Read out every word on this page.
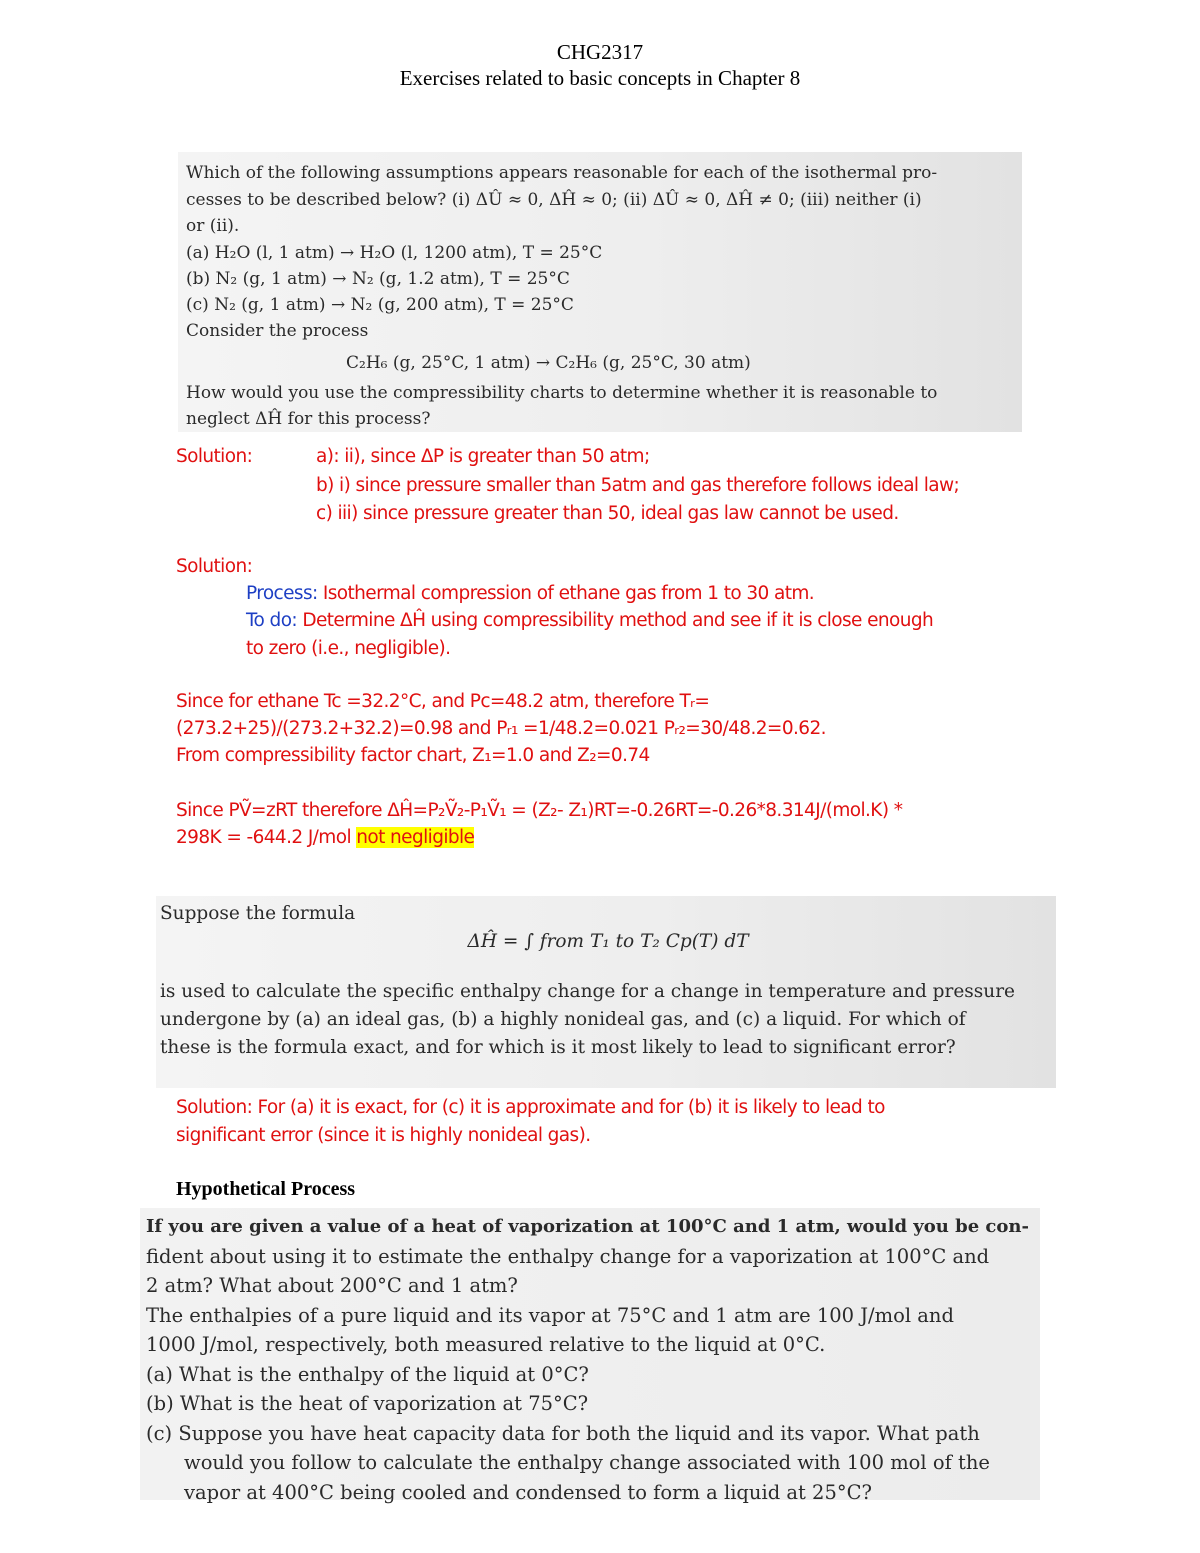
CHG2317
Exercises related to basic concepts in Chapter 8

Which of the following assumptions appears reasonable for each of the isothermal pro-

cesses to be described below? (i) ΔÛ ≈ 0, ΔĤ ≈ 0; (ii) ΔÛ ≈ 0, ΔĤ ≠ 0; (iii) neither (i)

or (ii).

(a) H₂O (l, 1 atm) → H₂O (l, 1200 atm), T = 25°C

(b) N₂ (g, 1 atm) → N₂ (g, 1.2 atm), T = 25°C

(c) N₂ (g, 1 atm) → N₂ (g, 200 atm), T = 25°C

Consider the process

C₂H₆ (g, 25°C, 1 atm) → C₂H₆ (g, 25°C, 30 atm)

How would you use the compressibility charts to determine whether it is reasonable to

neglect ΔĤ for this process?

Solution:	a): ii), since ΔP is greater than 50 atm;
b) i) since pressure smaller than 5atm and gas therefore follows ideal law;
c) iii) since pressure greater than 50, ideal gas law cannot be used.
Solution:
Process: Isothermal compression of ethane gas from 1 to 30 atm.
To do: Determine ΔĤ using compressibility method and see if it is close enough
to zero (i.e., negligible).
Since for ethane Tc =32.2°C, and Pc=48.2 atm, therefore Tᵣ=
(273.2+25)/(273.2+32.2)=0.98 and Pᵣ₁ =1/48.2=0.021 Pᵣ₂=30/48.2=0.62.
From compressibility factor chart, Z₁=1.0 and Z₂=0.74
Since PṼ=zRT therefore ΔĤ=P₂Ṽ₂-P₁Ṽ₁ = (Z₂- Z₁)RT=-0.26RT=-0.26*8.314J/(mol.K) *
298K = -644.2 J/mol not negligible

Suppose the formula

ΔĤ = ∫ from T₁ to T₂ Cp(T) dT

is used to calculate the specific enthalpy change for a change in temperature and pressure

undergone by (a) an ideal gas, (b) a highly nonideal gas, and (c) a liquid. For which of

these is the formula exact, and for which is it most likely to lead to significant error?

Solution: For (a) it is exact, for (c) it is approximate and for (b) it is likely to lead to
significant error (since it is highly nonideal gas).
Hypothetical Process

If you are given a value of a heat of vaporization at 100°C and 1 atm, would you be con-

fident about using it to estimate the enthalpy change for a vaporization at 100°C and

2 atm? What about 200°C and 1 atm?

The enthalpies of a pure liquid and its vapor at 75°C and 1 atm are 100 J/mol and

1000 J/mol, respectively, both measured relative to the liquid at 0°C.

(a) What is the enthalpy of the liquid at 0°C?

(b) What is the heat of vaporization at 75°C?

(c) Suppose you have heat capacity data for both the liquid and its vapor. What path

would you follow to calculate the enthalpy change associated with 100 mol of the

vapor at 400°C being cooled and condensed to form a liquid at 25°C?
